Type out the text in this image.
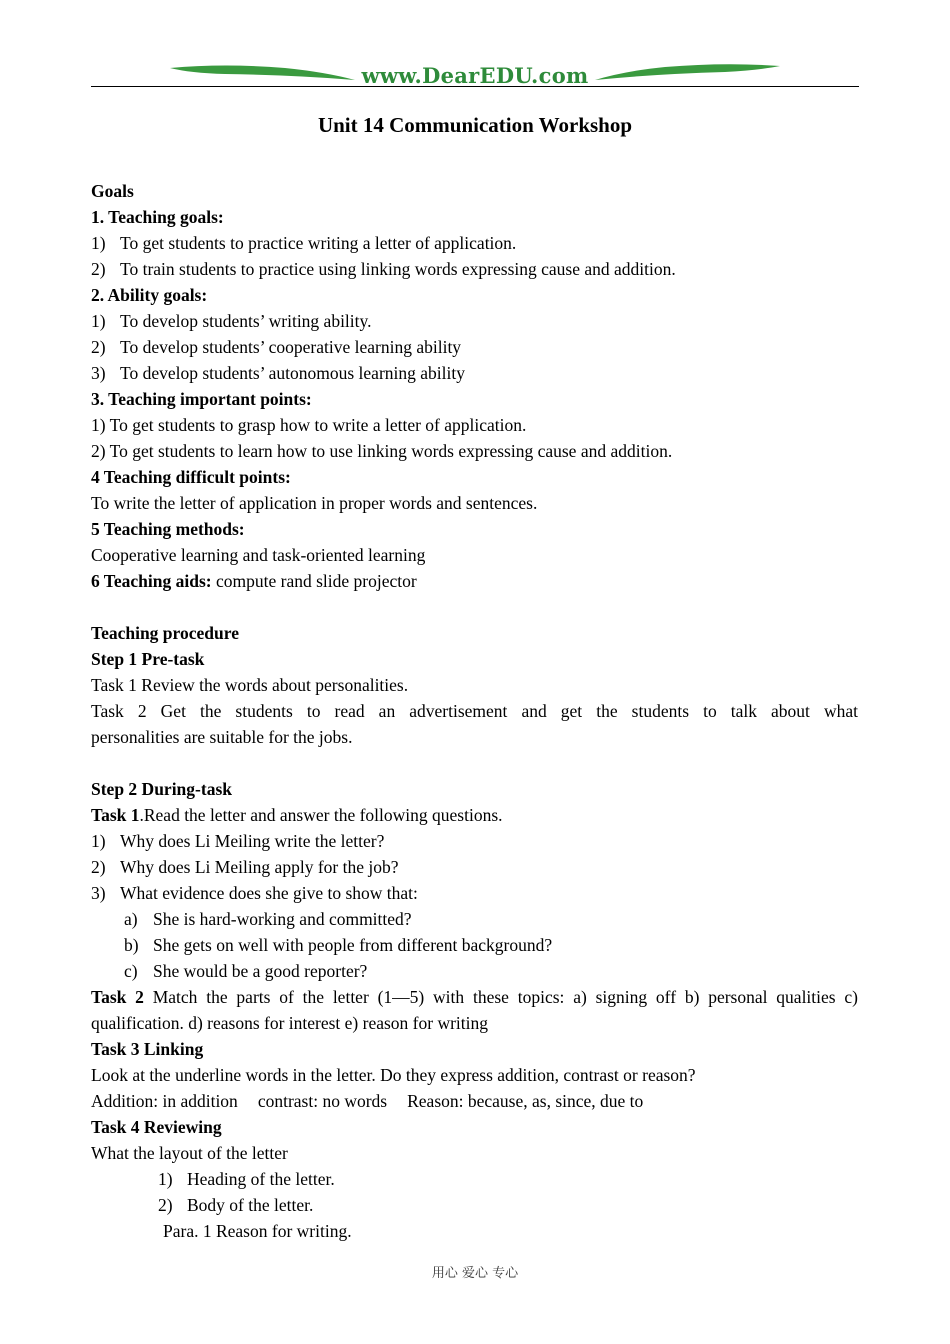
www.DearEDU.com
Unit 14 Communication Workshop
Goals
1. Teaching goals:
1) To get students to practice writing a letter of application.
2) To train students to practice using linking words expressing cause and addition.
2. Ability goals:
1) To develop students’ writing ability.
2) To develop students’ cooperative learning ability
3) To develop students’ autonomous learning ability
3. Teaching important points:
1) To get students to grasp how to write a letter of application.
2) To get students to learn how to use linking words expressing cause and addition.
4 Teaching difficult points:
To write the letter of application in proper words and sentences.
5 Teaching methods:
Cooperative learning and task-oriented learning
6 Teaching aids: compute rand slide projector
Teaching procedure
Step 1 Pre-task
Task 1 Review the words about personalities.
Task 2 Get the students to read an advertisement and get the students to talk about what
personalities are suitable for the jobs.
Step 2 During-task
Task 1.Read the letter and answer the following questions.
1) Why does Li Meiling write the letter?
2) Why does Li Meiling apply for the job?
3) What evidence does she give to show that:
a) She is hard-working and committed?
b) She gets on well with people from different background?
c) She would be a good reporter?
Task 2 Match the parts of the letter (1—5) with these topics: a) signing off b) personal qualities c)
qualification. d) reasons for interest e) reason for writing
Task 3 Linking
Look at the underline words in the letter. Do they express addition, contrast or reason?
Addition: in addition contrast: no words Reason: because, as, since, due to
Task 4 Reviewing
What the layout of the letter
1) Heading of the letter.
2) Body of the letter.
Para. 1 Reason for writing.
用心 爱心 专心
